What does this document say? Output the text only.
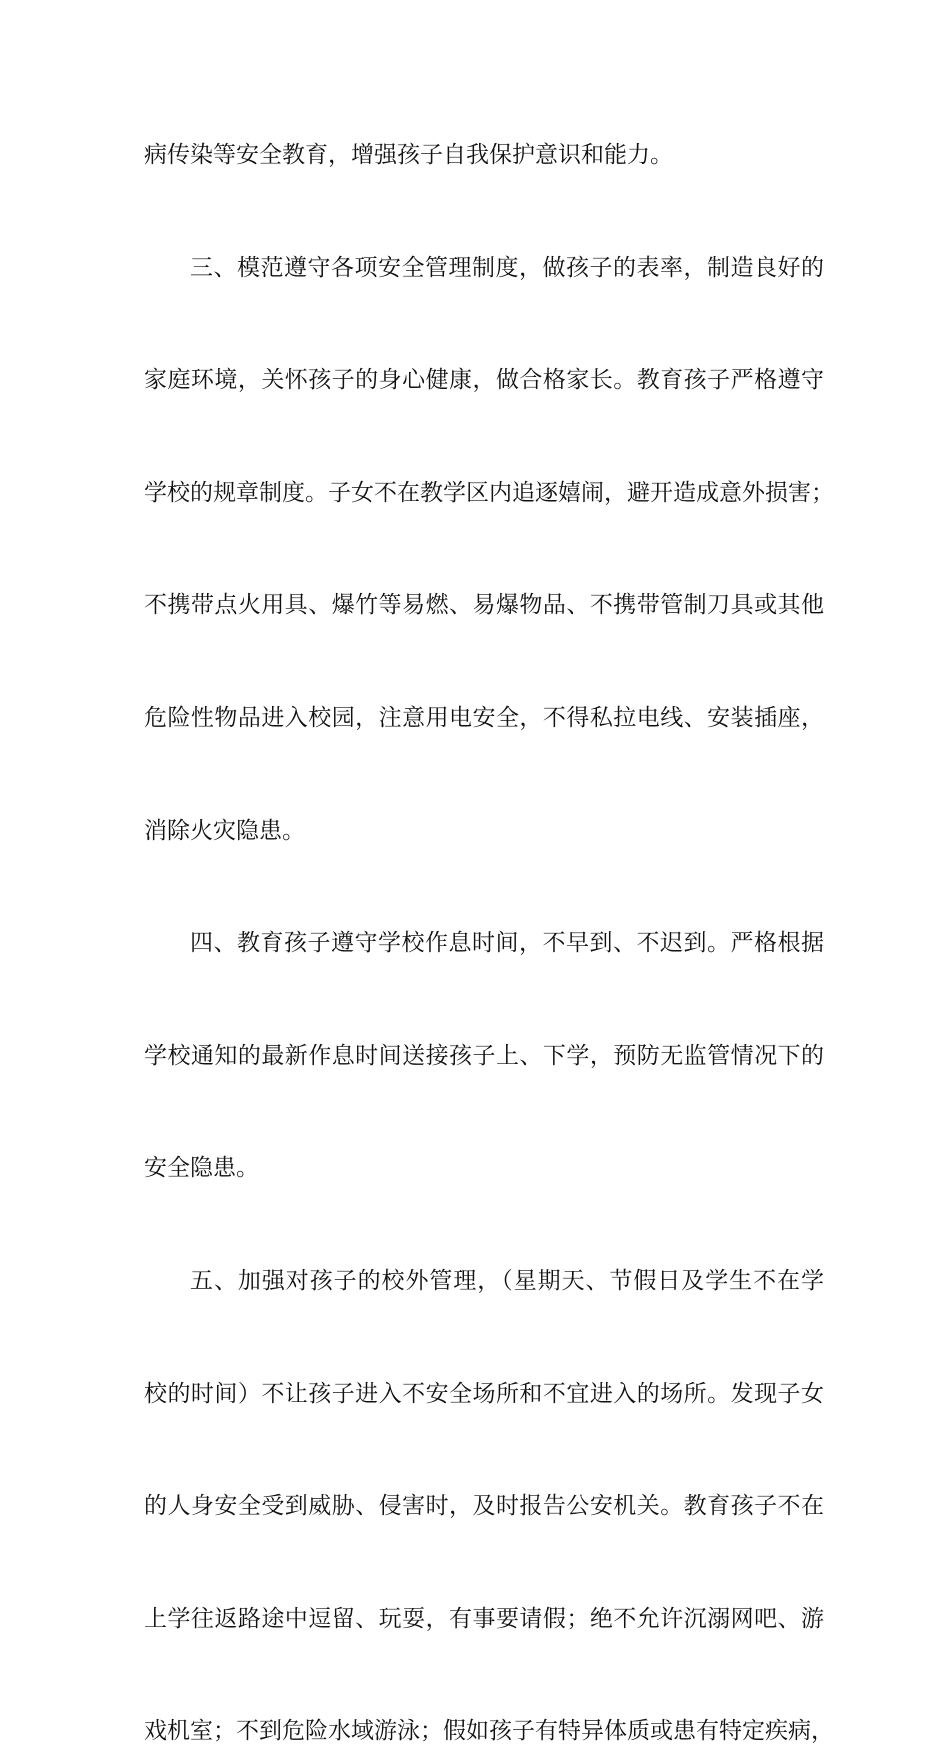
病传染等安全教育，增强孩子自我保护意识和能力。
三、模范遵守各项安全管理制度，做孩子的表率，制造良好的
家庭环境，关怀孩子的身心健康，做合格家长。教育孩子严格遵守
学校的规章制度。子女不在教学区内追逐嬉闹，避开造成意外损害；
不携带点火用具、爆竹等易燃、易爆物品、不携带管制刀具或其他
危险性物品进入校园，注意用电安全，不得私拉电线、安装插座，
消除火灾隐患。
四、教育孩子遵守学校作息时间，不早到、不迟到。严格根据
学校通知的最新作息时间送接孩子上、下学，预防无监管情况下的
安全隐患。
五、加强对孩子的校外管理，（星期天、节假日及学生不在学
校的时间）不让孩子进入不安全场所和不宜进入的场所。发现子女
的人身安全受到威胁、侵害时，及时报告公安机关。教育孩子不在
上学往返路途中逗留、玩耍，有事要请假；绝不允许沉溺网吧、游
戏机室；不到危险水域游泳；假如孩子有特异体质或患有特定疾病，
